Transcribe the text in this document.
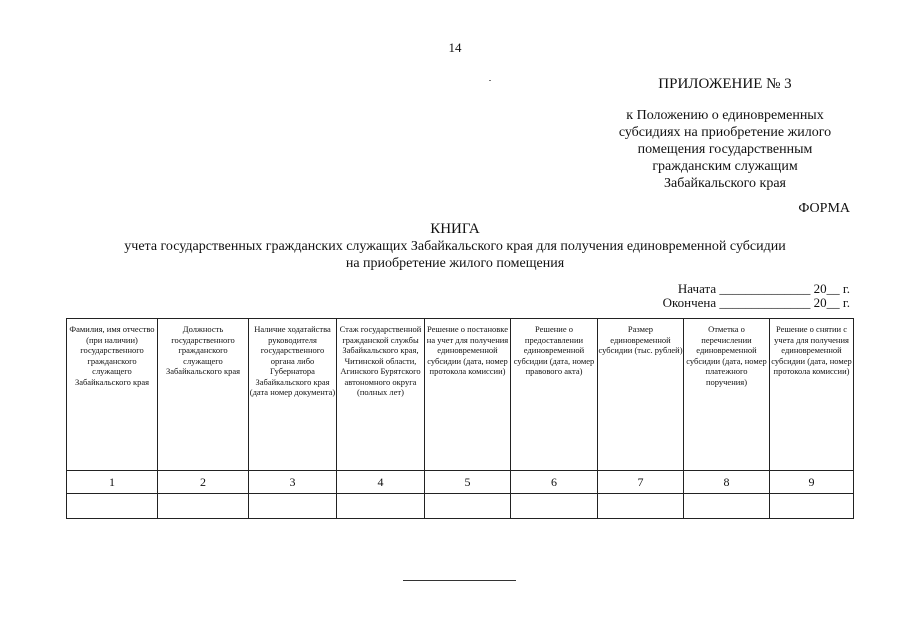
14
ПРИЛОЖЕНИЕ № 3
к Положению о единовременных
субсидиях на приобретение жилого
помещения государственным
гражданским служащим
Забайкальского края
ФОРМА
КНИГА
учета государственных гражданских служащих Забайкальского края для получения единовременной субсидии
на приобретение жилого помещения
Начата ______________ 20__ г.
Окончена ______________ 20__ г.
Фамилия, имя отчество (при наличии) государственного гражданского служащего Забайкальского края	Должность государственного гражданского служащего Забайкальского края	Наличие ходатайства руководителя государственного органа либо Губернатора Забайкальского края (дата номер документа)	Стаж государственной гражданской службы Забайкальского края, Читинской области, Агинского Бурятского автономного округа (полных лет)	Решение о постановке на учет для получения единовременной субсидии (дата, номер протокола комиссии)	Решение о предоставлении единовременной субсидии (дата, номер правового акта)	Размер единовременной субсидии (тыс. рублей)	Отметка о перечислении единовременной субсидии (дата, номер платежного поручения)	Решение о снятии с учета для получения единовременной субсидии (дата, номер протокола комиссии)
1	2	3	4	5	6	7	8	9
